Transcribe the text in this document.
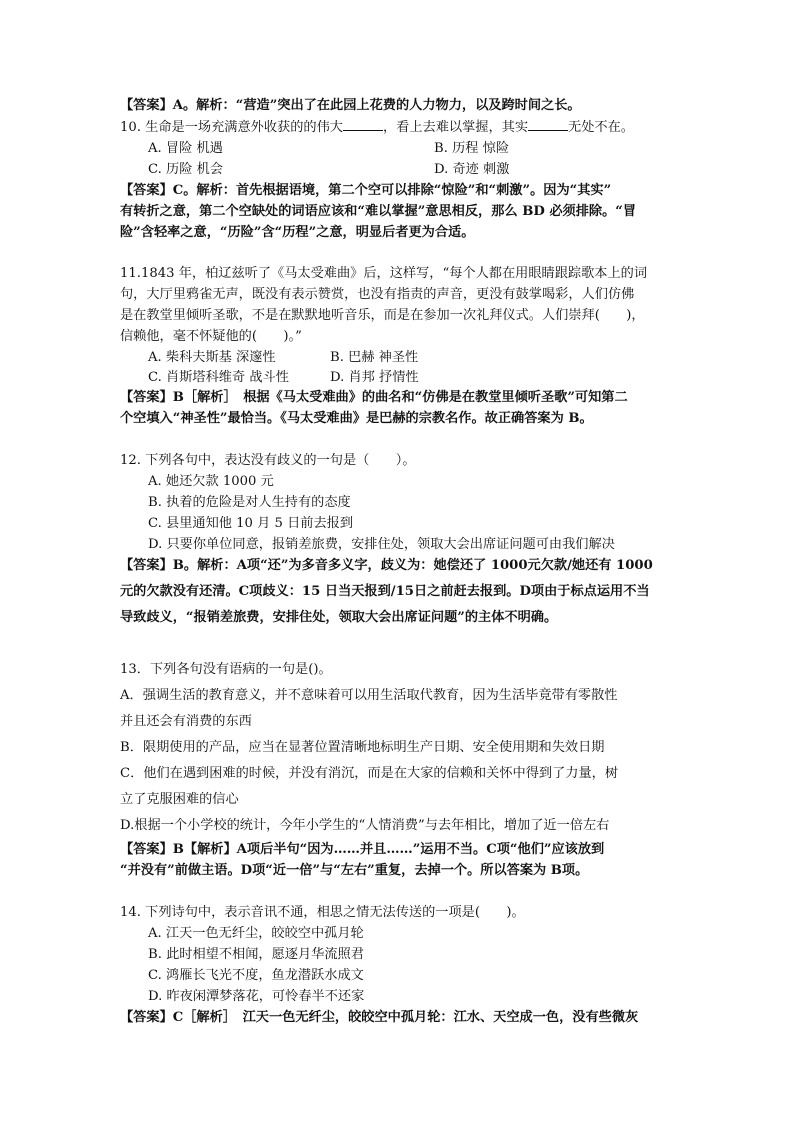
【答案】A。解析：“营造”突出了在此园上花费的人力物力，以及跨时间之长。
10. 生命是一场充满意外收获的的伟大	，看上去难以掌握，其实	无处不在。
A. 冒险 机遇	B. 历程 惊险
C. 历险 机会	D. 奇迹 刺激
【答案】C。解析：首先根据语境，第二个空可以排除“惊险”和“刺激”。因为“其实”
有转折之意，第二个空缺处的词语应该和“难以掌握”意思相反，那么 BD 必须排除。“冒
险”含轻率之意，“历险”含“历程”之意，明显后者更为合适。
11.1843 年，柏辽兹听了《马太受难曲》后，这样写，“每个人都在用眼睛跟踪歌本上的词
句，大厅里鸦雀无声，既没有表示赞赏，也没有指责的声音，更没有鼓掌喝彩，人们仿佛
是在教堂里倾听圣歌，不是在默默地听音乐，而是在参加一次礼拜仪式。人们崇拜(　　)，
信赖他，毫不怀疑他的(　　)。”
A. 柴科夫斯基 深邃性	B. 巴赫 神圣性
C. 肖斯塔科维奇 战斗性	D. 肖邦 抒情性
【答案】B［解析］　根据《马太受难曲》的曲名和“仿佛是在教堂里倾听圣歌”可知第二
个空填入“神圣性”最恰当。《马太受难曲》是巴赫的宗教名作。故正确答案为 B。
12. 下列各句中，表达没有歧义的一句是（　　）。
A. 她还欠款 1000 元
B. 执着的危险是对人生持有的态度
C. 县里通知他 10 月 5 日前去报到
D. 只要你单位同意，报销差旅费，安排住处，领取大会出席证问题可由我们解决
【答案】B。解析：A项“还”为多音多义字，歧义为：她偿还了 1000元欠款/她还有 1000
元的欠款没有还清。C项歧义：15 日当天报到/15日之前赶去报到。D项由于标点运用不当
导致歧义，“报销差旅费，安排住处，领取大会出席证问题”的主体不明确。
13．下列各句没有语病的一句是()。
A．强调生活的教育意义，并不意味着可以用生活取代教育，因为生活毕竟带有零散性
并且还会有消费的东西
B．限期使用的产品，应当在显著位置清晰地标明生产日期、安全使用期和失效日期
C．他们在遇到困难的时候，并没有消沉，而是在大家的信赖和关怀中得到了力量，树
立了克服困难的信心
D.根据一个小学校的统计，今年小学生的“人情消费”与去年相比，增加了近一倍左右
【答案】B【解析】A项后半句“因为……并且……”运用不当。C项“他们”应该放到
“并没有”前做主语。D项“近一倍”与“左右”重复，去掉一个。所以答案为 B项。
14. 下列诗句中，表示音讯不通，相思之情无法传送的一项是(　　)。
A. 江天一色无纤尘，皎皎空中孤月轮
B. 此时相望不相闻，愿逐月华流照君
C. 鸿雁长飞光不度，鱼龙潜跃水成文
D. 昨夜闲潭梦落花，可怜春半不还家
【答案】C［解析］　江天一色无纤尘，皎皎空中孤月轮：江水、天空成一色，没有些微灰
